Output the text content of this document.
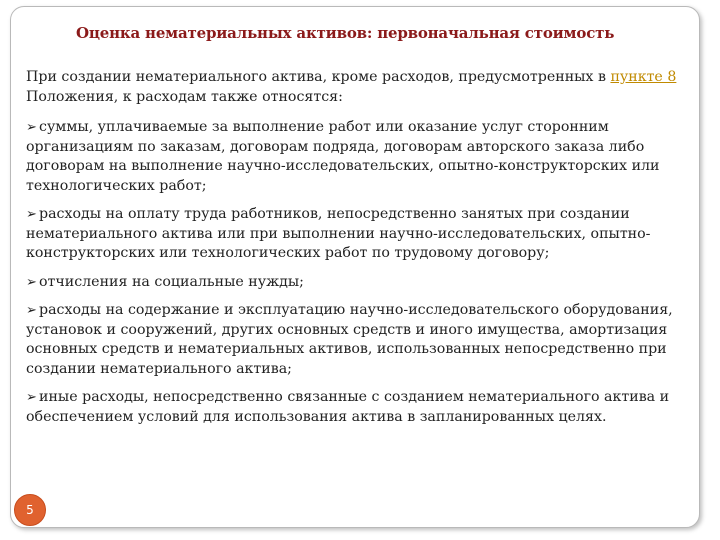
Оценка нематериальных активов: первоначальная стоимость

При создании нематериального актива, кроме расходов, предусмотренных в пункте 8 Положения, к расходам также относятся:

➢ суммы, уплачиваемые за выполнение работ или оказание услуг сторонним организациям по заказам, договорам подряда, договорам авторского заказа либо договорам на выполнение научно-исследовательских, опытно-конструкторских или технологических работ;

➢ расходы на оплату труда работников, непосредственно занятых при создании нематериального актива или при выполнении научно-исследовательских, опытно-конструкторских или технологических работ по трудовому договору;

➢ отчисления на социальные нужды;

➢ расходы на содержание и эксплуатацию научно-исследовательского оборудования, установок и сооружений, других основных средств и иного имущества, амортизация основных средств и нематериальных активов, использованных непосредственно при создании нематериального актива;

➢ иные расходы, непосредственно связанные с созданием нематериального актива и обеспечением условий для использования актива в запланированных целях.

5
